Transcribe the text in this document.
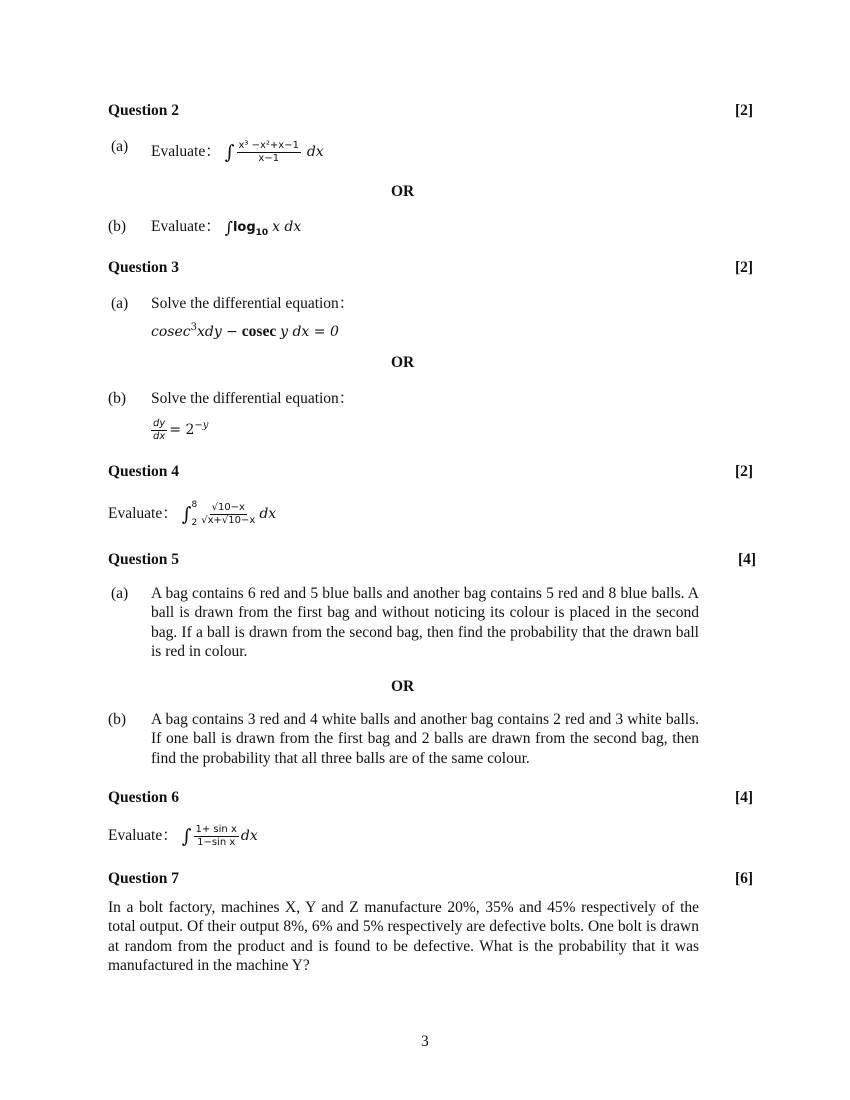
Question 2	[2]
(a) Evaluate： ∫ $\frac{\text{x³ −x²+x−1}}{x-1}$ dx
OR
(b) Evaluate： $\int\log_{10}$ x dx
Question 3	[2]
(a) Solve the differential equation：
cosec$^3$xdy − cosec y dx = 0
OR
(b) Solve the differential equation：
$\frac{dy}{dx} = 2^{-y}$
Question 4	[2]
Evaluate： ∫ 8
$2 \frac{√10-x}{√x+√10-x}$ dx
Question 5	[4]
(a) A bag contains 6 red and 5 blue balls and another bag contains 5 red and 8 blue balls. A ball is drawn from the first bag and without noticing its colour is placed in the second bag. If a ball is drawn from the second bag, then find the probability that the drawn ball is red in colour.
OR
(b) A bag contains 3 red and 4 white balls and another bag contains 2 red and 3 white balls. If one ball is drawn from the first bag and 2 balls are drawn from the second bag, then find the probability that all three balls are of the same colour.
Question 6	[4]
Evaluate： ∫ $\frac{\text{1+ sin x}}{\text{1−sin x}}$ dx
Question 7	[6]
In a bolt factory, machines X, Y and Z manufacture 20%, 35% and 45% respectively of the total output. Of their output 8%, 6% and 5% respectively are defective bolts. One bolt is drawn at random from the product and is found to be defective. What is the probability that it was manufactured in the machine Y?
3
